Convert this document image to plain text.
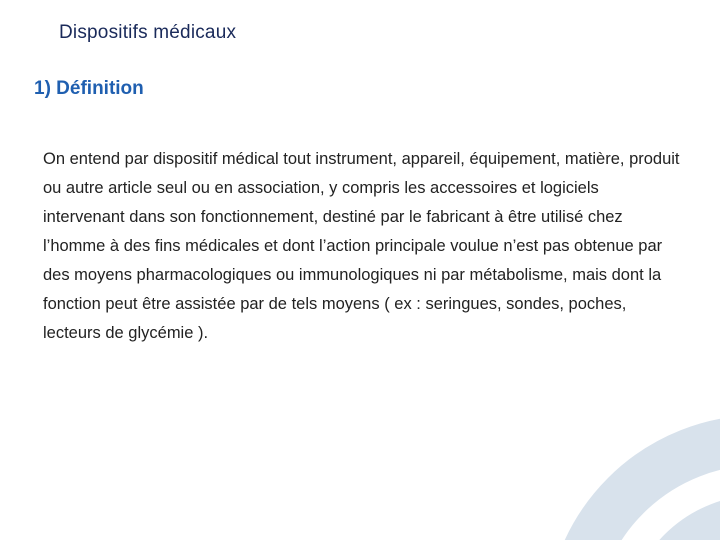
Dispositifs médicaux
1) Définition

On entend par dispositif médical tout instrument, appareil, équipement, matière, produit ou autre article seul ou en association, y compris les accessoires et logiciels intervenant dans son fonctionnement, destiné par le fabricant à être utilisé chez l’homme à des fins médicales et dont l’action principale voulue n’est pas obtenue par des moyens pharmacologiques ou immunologiques ni par métabolisme, mais dont la fonction peut être assistée par de tels moyens ( ex : seringues, sondes, poches, lecteurs de glycémie ).
